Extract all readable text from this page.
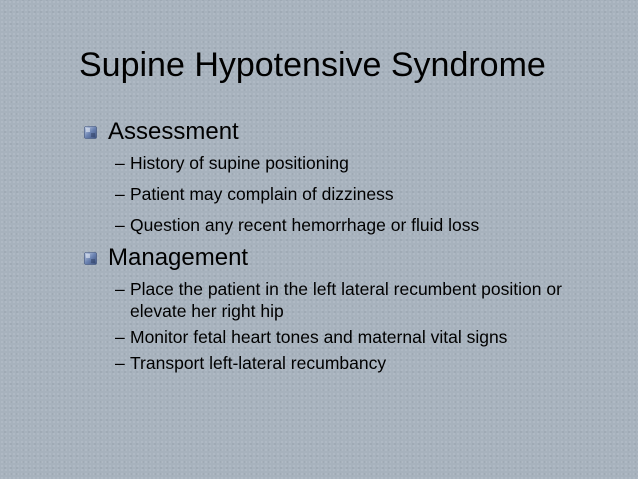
Supine Hypotensive Syndrome
Assessment
– History of supine positioning
– Patient may complain of dizziness
– Question any recent hemorrhage or fluid loss
Management
– Place the patient in the left lateral recumbent position or elevate her right hip
– Monitor fetal heart tones and maternal vital signs
– Transport left-lateral recumbancy
